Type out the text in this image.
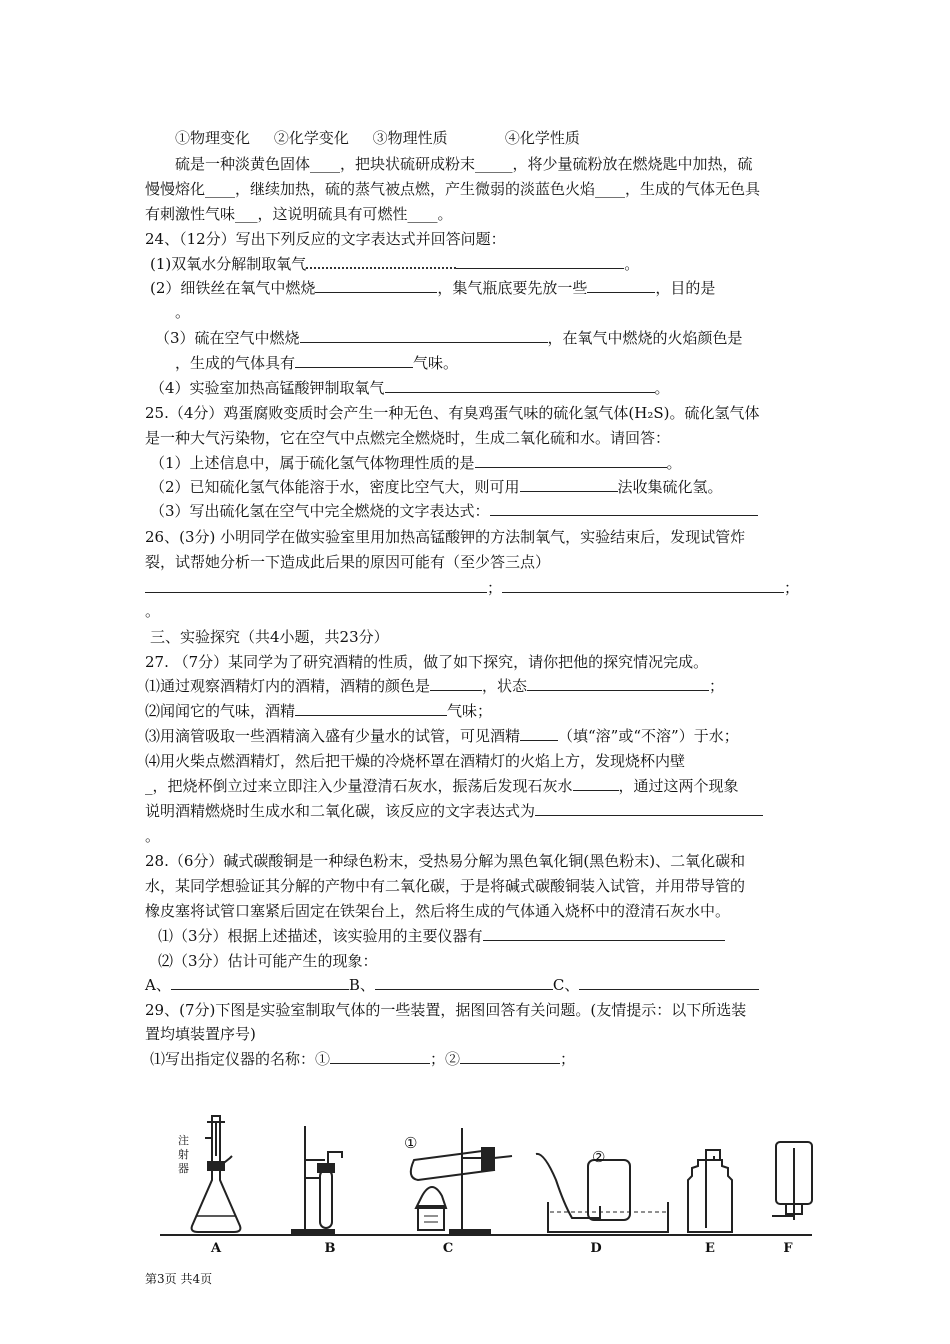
①物理变化     ②化学变化     ③物理性质            ④化学性质
硫是一种淡黄色固体____，把块状硫研成粉末_____，将少量硫粉放在燃烧匙中加热，硫
慢慢熔化____，继续加热，硫的蒸气被点燃，产生微弱的淡蓝色火焰____，生成的气体无色具
有刺激性气味___，这说明硫具有可燃性____。
24、（12分）写出下列反应的文字表达式并回答问题：
(1)双氧水分解制取氧气	。
(2）细铁丝在氧气中燃烧	，集气瓶底要先放一些	，目的是
。
（3）硫在空气中燃烧	，在氧气中燃烧的火焰颜色是
，生成的气体具有	气味。
（4）实验室加热高锰酸钾制取氧气	。
25.（4分）鸡蛋腐败变质时会产生一种无色、有臭鸡蛋气味的硫化氢气体(H₂S)。硫化氢气体
是一种大气污染物，它在空气中点燃完全燃烧时，生成二氧化硫和水。请回答：
（1）上述信息中，属于硫化氢气体物理性质的是	。
（2）已知硫化氢气体能溶于水，密度比空气大，则可用	法收集硫化氢。
（3）写出硫化氢在空气中完全燃烧的文字表达式：
26、(3分) 小明同学在做实验室里用加热高锰酸钾的方法制氧气，实验结束后，发现试管炸
裂，试帮她分析一下造成此后果的原因可能有（至少答三点）
；	；
。
三、实验探究（共4小题，共23分）
27. （7分）某同学为了研究酒精的性质，做了如下探究，请你把他的探究情况完成。
⑴通过观察酒精灯内的酒精，酒精的颜色是	，状态	；
⑵闻闻它的气味，酒精	气味；
⑶用滴管吸取一些酒精滴入盛有少量水的试管，可见酒精	（填“溶”或“不溶”）于水；
⑷用火柴点燃酒精灯，然后把干燥的冷烧杯罩在酒精灯的火焰上方，发现烧杯内壁
_，把烧杯倒立过来立即注入少量澄清石灰水，振荡后发现石灰水	，通过这两个现象
说明酒精燃烧时生成水和二氧化碳，该反应的文字表达式为
。
28.（6分）碱式碳酸铜是一种绿色粉末，受热易分解为黑色氧化铜(黑色粉末)、二氧化碳和
水，某同学想验证其分解的产物中有二氧化碳，于是将碱式碳酸铜装入试管，并用带导管的
橡皮塞将试管口塞紧后固定在铁架台上，然后将生成的气体通入烧杯中的澄清石灰水中。
⑴（3分）根据上述描述，该实验用的主要仪器有
⑵（3分）估计可能产生的现象：
A、	B、	C、
29、(7分)下图是实验室制取气体的一些装置，据图回答有关问题。(友情提示：以下所选装
置均填装置序号)
⑴写出指定仪器的名称：①	；②	；
注
射
器
①
②
A	B	C	D	E	F
第3页 共4页
